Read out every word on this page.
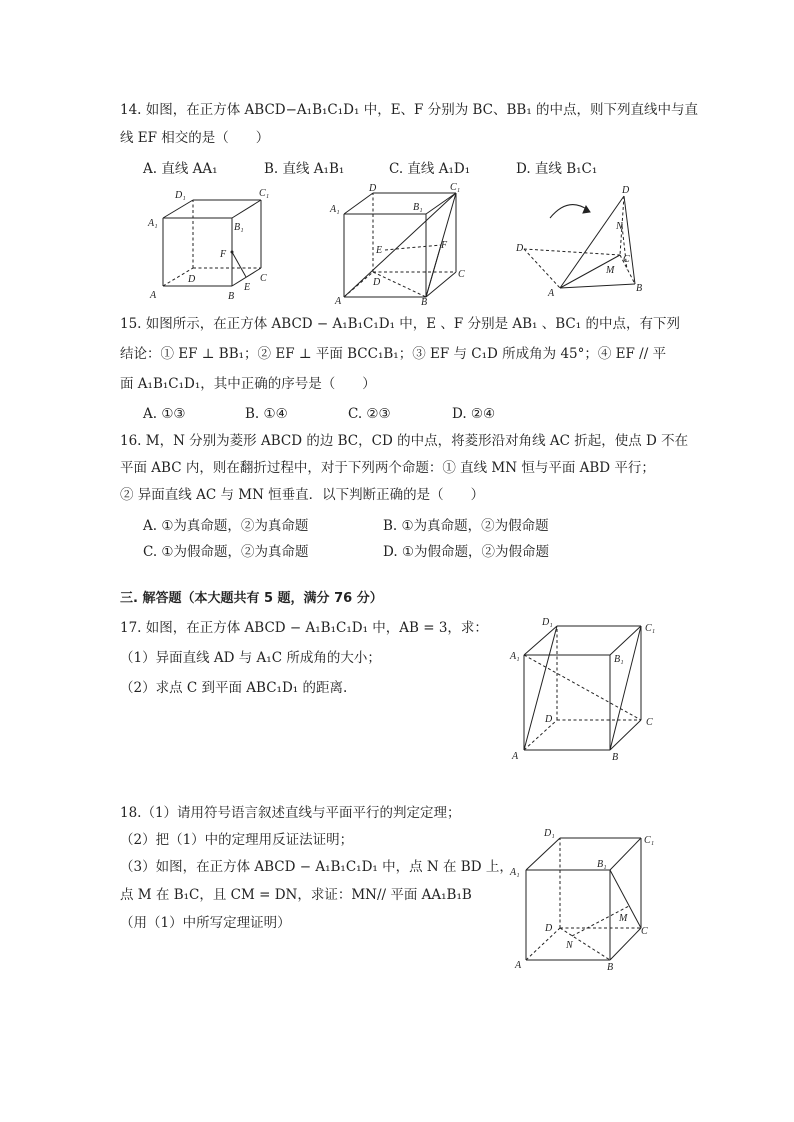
14. 如图，在正方体 ABCD−A₁B₁C₁D₁ 中，E、F 分别为 BC、BB₁ 的中点，则下列直线中与直
线 EF 相交的是（　　）
A. 直线 AA₁	B. 直线 A₁B₁	C. 直线 A₁D₁	D. 直线 B₁C₁
D₁	C₁
A₁	B₁
F
D	C
A	B
E
D	C₁
A₁	B₁
E	F
D
C
A	B
D
N
C
M
A	B
D
15. 如图所示，在正方体 ABCD − A₁B₁C₁D₁ 中，E 、F 分别是 AB₁ 、BC₁ 的中点，有下列
结论：① EF ⊥ BB₁；② EF ⊥ 平面 BCC₁B₁；③ EF 与 C₁D 所成角为 45°；④ EF // 平
面 A₁B₁C₁D₁，其中正确的序号是（　　）
A. ①③	B. ①④	C. ②③	D. ②④
16. M，N 分别为菱形 ABCD 的边 BC，CD 的中点，将菱形沿对角线 AC 折起，使点 D 不在
平面 ABC 内，则在翻折过程中，对于下列两个命题：① 直线 MN 恒与平面 ABD 平行；
② 异面直线 AC 与 MN 恒垂直．以下判断正确的是（　　）
A. ①为真命题，②为真命题	B. ①为真命题，②为假命题
C. ①为假命题，②为真命题	D. ①为假命题，②为假命题
三. 解答题（本大题共有 5 题，满分 76 分）
17. 如图，在正方体 ABCD − A₁B₁C₁D₁ 中，AB = 3，求：
（1）异面直线 AD 与 A₁C 所成角的大小；
（2）求点 C 到平面 ABC₁D₁ 的距离.
D₁
C₁
A₁	B₁
D	C
A	B
18.（1）请用符号语言叙述直线与平面平行的判定定理；
（2）把（1）中的定理用反证法证明；
（3）如图，在正方体 ABCD − A₁B₁C₁D₁ 中，点 N 在 BD 上，
点 M 在 B₁C，且 CM = DN，求证：MN// 平面 AA₁B₁B
（用（1）中所写定理证明）
D₁
C₁
A₁
B₁
M
D
N
C
A	B
